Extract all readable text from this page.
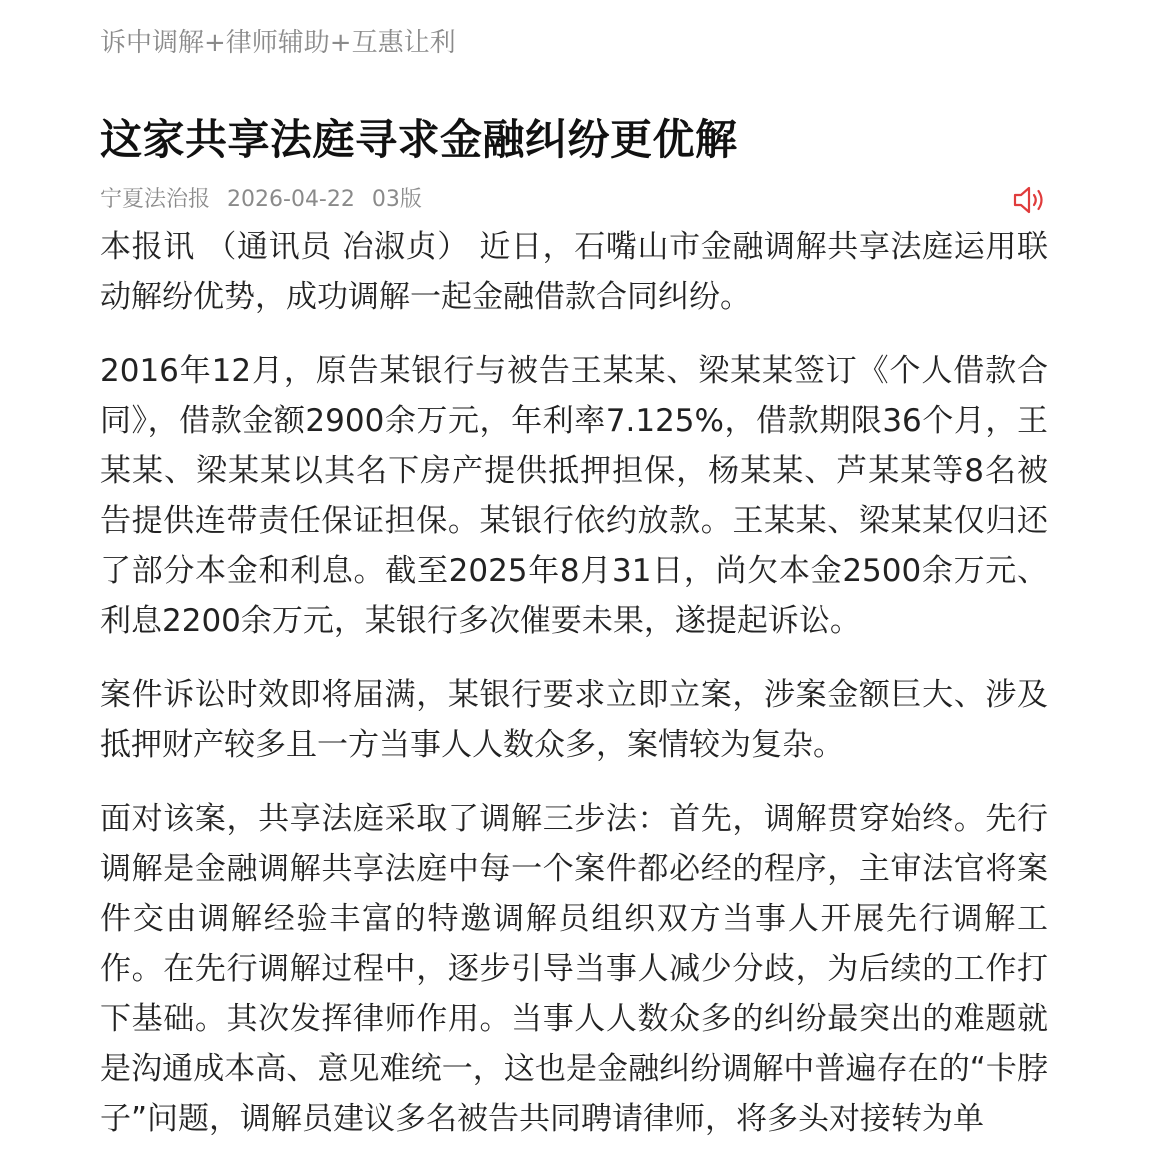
诉中调解+律师辅助+互惠让利

这家共享法庭寻求金融纠纷更优解
宁夏法治报 2026-04-22 03版

本报讯 （通讯员 冶淑贞） 近日，石嘴山市金融调解共享法庭运用联动解纷优势，成功调解一起金融借款合同纠纷。

2016年12月，原告某银行与被告王某某、梁某某签订《个人借款合同》，借款金额2900余万元，年利率7.125%，借款期限36个月，王某某、梁某某以其名下房产提供抵押担保，杨某某、芦某某等8名被告提供连带责任保证担保。某银行依约放款。王某某、梁某某仅归还了部分本金和利息。截至2025年8月31日，尚欠本金2500余万元、利息2200余万元，某银行多次催要未果，遂提起诉讼。

案件诉讼时效即将届满，某银行要求立即立案，涉案金额巨大、涉及抵押财产较多且一方当事人人数众多，案情较为复杂。

面对该案，共享法庭采取了调解三步法：首先，调解贯穿始终。先行调解是金融调解共享法庭中每一个案件都必经的程序，主审法官将案件交由调解经验丰富的特邀调解员组织双方当事人开展先行调解工作。在先行调解过程中，逐步引导当事人减少分歧，为后续的工作打下基础。其次发挥律师作用。当事人人数众多的纠纷最突出的难题就是沟通成本高、意见难统一，这也是金融纠纷调解中普遍存在的“卡脖子”问题，调解员建议多名被告共同聘请律师，将多头对接转为单
